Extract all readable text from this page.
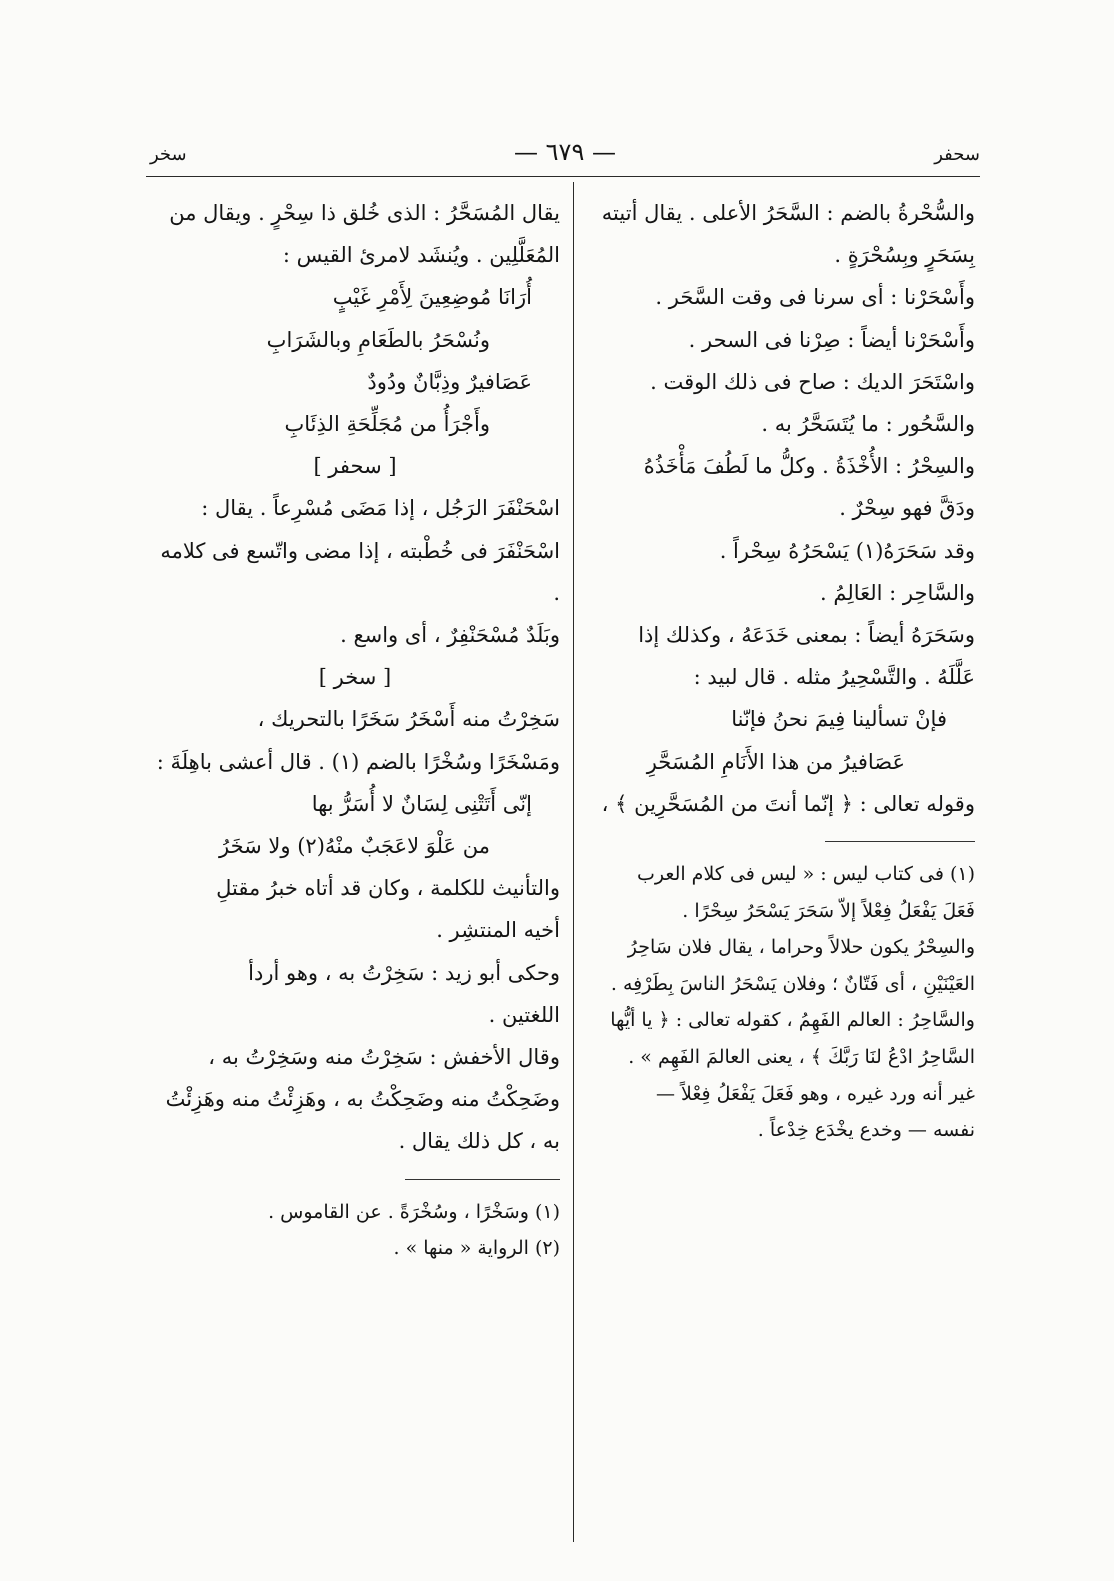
سخر	— ٦٧٩ —	سحفر

والسُّحْرةُ بالضم : السَّحَرُ الأعلى . يقال أتيته

بِسَحَرٍ وبِسُحْرَةٍ .

وأَسْحَرْنا : أى سرنا فى وقت السَّحَر .

وأَسْحَرْنا أيضاً : صِرْنا فى السحر .

واسْتَحَرَ الديك : صاح فى ذلك الوقت .

والسَّحُور : ما يُتَسَحَّرُ به .

والسِحْرُ : الأُخْذَةُ . وكلُّ ما لَطُفَ مَأْخَذُهُ

ودَقَّ فهو سِحْرٌ .

وقد سَحَرَهُ(١) يَسْحَرُهُ سِحْراً .

والسَّاحِر : العَالِمُ .

وسَحَرَهُ أيضاً : بمعنى خَدَعَهُ ، وكذلك إذا

عَلَّلَهُ . والتَّسْحِيرُ مثله . قال لبيد :

فإنْ تسألينا فِيمَ نحنُ فإنّنا

عَصَافيرُ من هذا الأَنَامِ المُسَحَّرِ

وقوله تعالى : ﴿ إنّما أنتَ من المُسَحَّرِين ﴾ ،

(١) فى كتاب ليس : « ليس فى كلام العرب

فَعَلَ يَفْعَلُ فِعْلاً إلاّ سَحَرَ يَسْحَرُ سِحْرًا .

والسِحْرُ يكون حلالاً وحراما ، يقال فلان سَاحِرُ

العَيْنَيْنِ ، أى فَتّانٌ ؛ وفلان يَسْحَرُ الناسَ بِطَرْفِه .

والسَّاحِرُ : العالم الفَهِمُ ، كقوله تعالى : ﴿ يا أيُّها

السَّاحِرُ ادْعُ لنَا رَبَّكَ ﴾ ، يعنى العالمَ الفَهِم » .

غير أنه ورد غيره ، وهو فَعَلَ يَفْعَلُ فِعْلاً —

نفسه — وخدع يخْدَع خِدْعاً .

يقال المُسَحَّرُ : الذى خُلق ذا سِحْرٍ . ويقال من

المُعَلَّلِين . ويُنشَد لامرئ القيس :

أُرَانَا مُوضِعِينَ لِأَمْرِ غَيْبٍ

ونُسْحَرُ بالطَعَامِ وبالشَرَابِ

عَصَافيرٌ وذِبَّانٌ ودُودٌ

وأَجْرَأُ من مُجَلِّحَةِ الذِئَابِ

[ سحفر ]

اسْحَنْفَرَ الرَجُل ، إذا مَضَى مُسْرِعاً . يقال :

اسْحَنْفَرَ فى خُطْبته ، إذا مضى واتّسع فى كلامه .

وبَلَدٌ مُسْحَنْفِرٌ ، أى واسع .

[ سخر ]

سَخِرْتُ منه أَسْخَرُ سَخَرًا بالتحريك ،

ومَسْخَرًا وسُخْرًا بالضم (١) . قال أعشى باهِلَةَ :

إنّى أَتَتْنِى لِسَانٌ لا أُسَرُّ بها

من عَلْوَ لاعَجَبٌ منْهُ(٢) ولا سَخَرُ

والتأنيث للكلمة ، وكان قد أتاه خبرُ مقتلِ

أخيه المنتشِر .

وحكى أبو زيد : سَخِرْتُ به ، وهو أردأ

اللغتين .

وقال الأخفش : سَخِرْتُ منه وسَخِرْتُ به ،

وضَحِكْتُ منه وضَحِكْتُ به ، وهَزِئْتُ منه وهَزِئْتُ

به ، كل ذلك يقال .

(١) وسَخْرًا ، وسُخْرَةً . عن القاموس .

(٢) الرواية « منها » .
